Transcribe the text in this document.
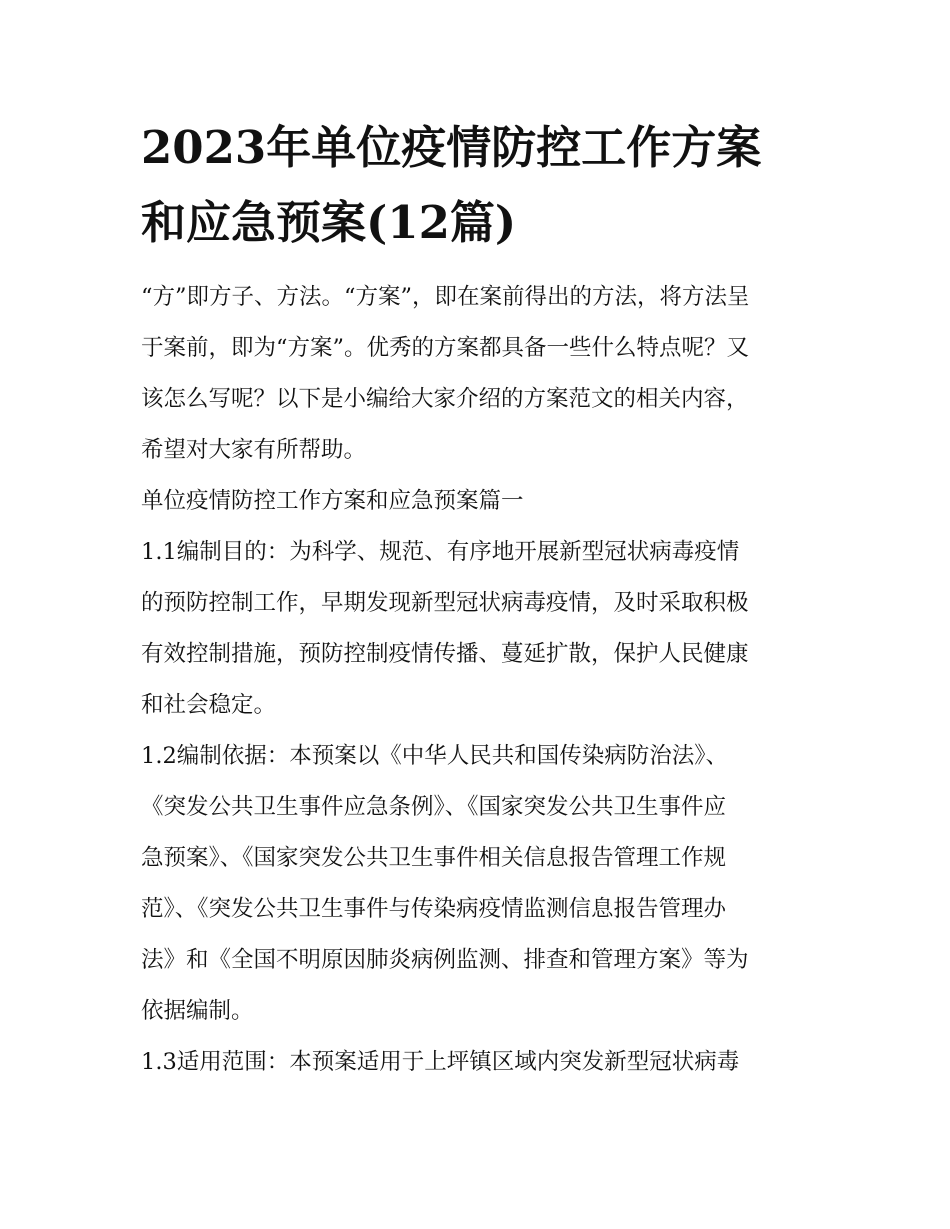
2023年单位疫情防控工作方案
和应急预案(12篇)

“方”即方子、方法。“方案”，即在案前得出的方法，将方法呈
于案前，即为“方案”。优秀的方案都具备一些什么特点呢？又
该怎么写呢？以下是小编给大家介绍的方案范文的相关内容，
希望对大家有所帮助。

单位疫情防控工作方案和应急预案篇一

1.1编制目的：为科学、规范、有序地开展新型冠状病毒疫情
的预防控制工作，早期发现新型冠状病毒疫情，及时采取积极
有效控制措施，预防控制疫情传播、蔓延扩散，保护人民健康
和社会稳定。

1.2编制依据：本预案以《中华人民共和国传染病防治法》、
《突发公共卫生事件应急条例》、《国家突发公共卫生事件应
急预案》、《国家突发公共卫生事件相关信息报告管理工作规
范》、《突发公共卫生事件与传染病疫情监测信息报告管理办
法》和《全国不明原因肺炎病例监测、排查和管理方案》等为
依据编制。

1.3适用范围：本预案适用于上坪镇区域内突发新型冠状病毒
